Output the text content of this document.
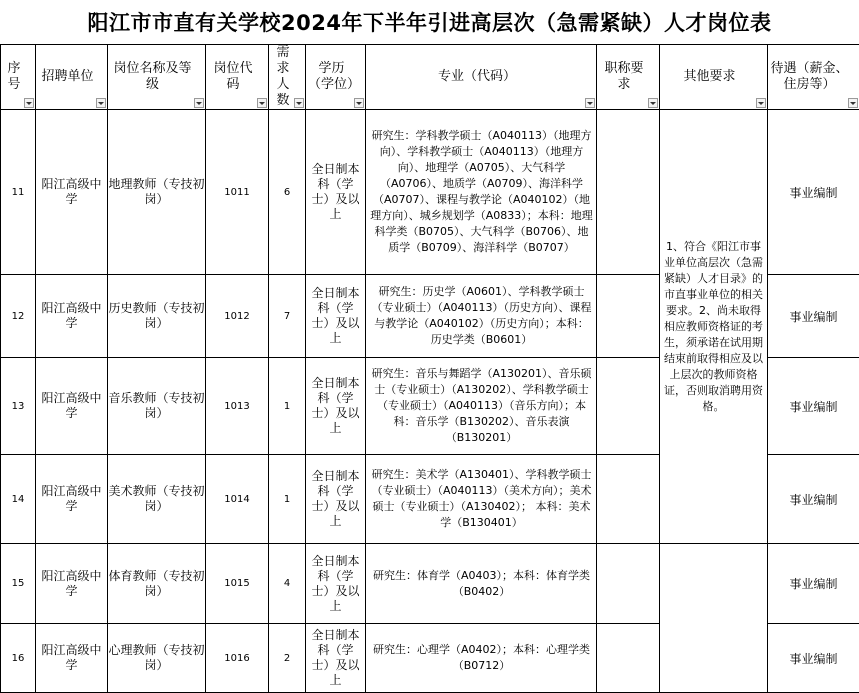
阳江市市直有关学校2024年下半年引进高层次（急需紧缺）人才岗位表
序号	招聘单位	岗位名称及等级	岗位代码	需求人数	学历（学位）	专业（代码）	职称要求	其他要求	待遇（薪金、住房等）

11	阳江高级中学	地理教师（专技初岗）	1011	6	全日制本科（学士）及以上	研究生：学科教学硕士（A040113）（地理方向）、学科教学硕士（A040113）（地理方向）、地理学（A0705）、大气科学（A0706）、地质学（A0709）、海洋科学（A0707）、课程与教学论（A040102）（地理方向）、城乡规划学（A0833）；本科：地理科学类（B0705）、大气科学（B0706）、地质学（B0709）、海洋科学（B0707）		1、符合《阳江市事业单位高层次（急需紧缺）人才目录》的市直事业单位的相关要求。2、尚未取得相应教师资格证的考生，须承诺在试用期结束前取得相应及以上层次的教师资格证，否则取消聘用资格。	事业编制
12	阳江高级中学	历史教师（专技初岗）	1012	7	全日制本科（学士）及以上	研究生：历史学（A0601）、学科教学硕士（专业硕士）（A040113）（历史方向）、课程与教学论（A040102）（历史方向）；本科：历史学类（B0601）			事业编制
13	阳江高级中学	音乐教师（专技初岗）	1013	1	全日制本科（学士）及以上	研究生：音乐与舞蹈学（A130201）、音乐硕士（专业硕士）（A130202）、学科教学硕士（专业硕士）（A040113）（音乐方向）；本科：音乐学（B130202）、音乐表演（B130201）			事业编制
14	阳江高级中学	美术教师（专技初岗）	1014	1	全日制本科（学士）及以上	研究生：美术学（A130401）、学科教学硕士（专业硕士）（A040113）（美术方向）；美术硕士（专业硕士）（A130402）； 本科：美术学（B130401）			事业编制
15	阳江高级中学	体育教师（专技初岗）	1015	4	全日制本科（学士）及以上	研究生：体育学（A0403）；本科：体育学类（B0402）			事业编制
16	阳江高级中学	心理教师（专技初岗）	1016	2	全日制本科（学士）及以上	研究生：心理学（A0402）；本科：心理学类（B0712）			事业编制
